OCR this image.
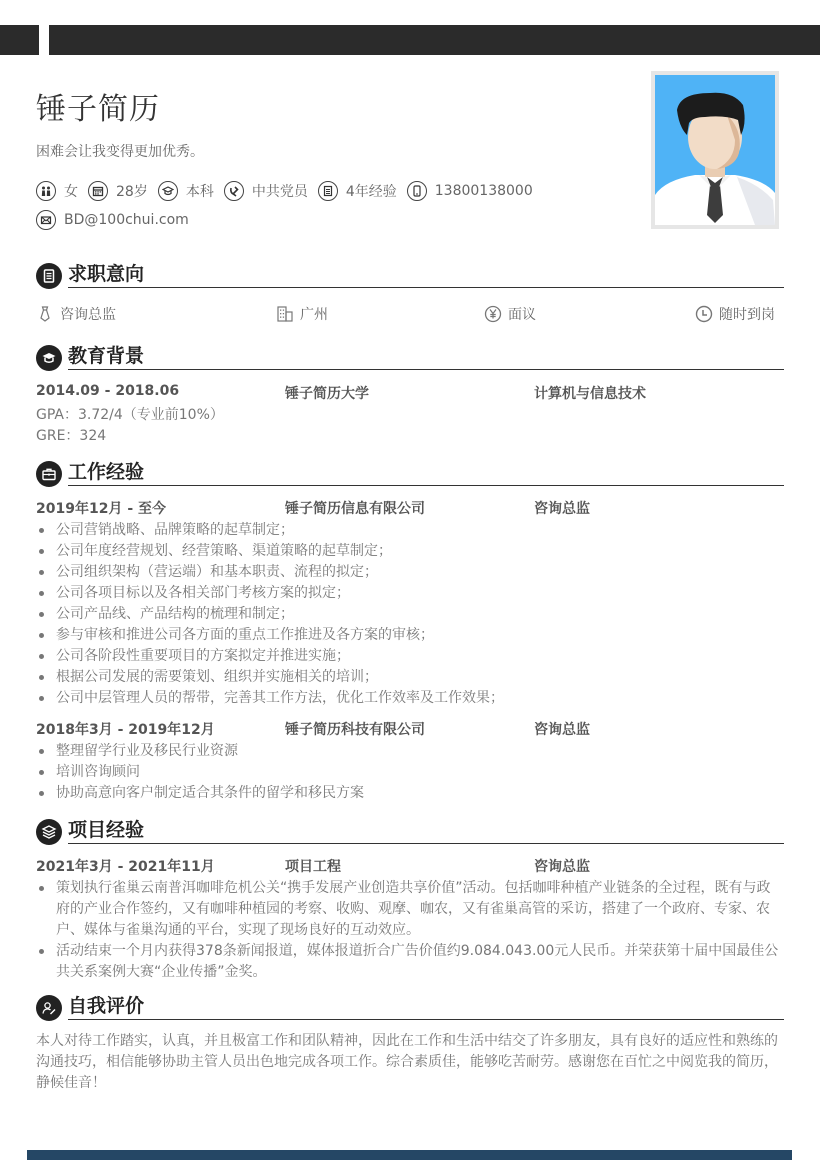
锤子简历
困难会让我变得更加优秀。
女	28岁	本科	中共党员	4年经验	13800138000
BD@100chui.com
求职意向
咨询总监	广州	面议	随时到岗
教育背景
2014.09 - 2018.06	锤子简历大学	计算机与信息技术
GPA：3.72/4（专业前10%）
GRE：324
工作经验
2019年12月 - 至今	锤子简历信息有限公司	咨询总监
公司营销战略、品牌策略的起草制定；
公司年度经营规划、经营策略、渠道策略的起草制定；
公司组织架构（营运端）和基本职责、流程的拟定；
公司各项目标以及各相关部门考核方案的拟定；
公司产品线、产品结构的梳理和制定；
参与审核和推进公司各方面的重点工作推进及各方案的审核；
公司各阶段性重要项目的方案拟定并推进实施；
根据公司发展的需要策划、组织并实施相关的培训；
公司中层管理人员的帮带，完善其工作方法，优化工作效率及工作效果；
2018年3月 - 2019年12月	锤子简历科技有限公司	咨询总监
整理留学行业及移民行业资源
培训咨询顾问
协助高意向客户制定适合其条件的留学和移民方案
项目经验
2021年3月 - 2021年11月	项目工程	咨询总监
策划执行雀巢云南普洱咖啡危机公关“携手发展产业创造共享价值”活动。包括咖啡种植产业链条的全过程，既有与政府的产业合作签约，又有咖啡种植园的考察、收购、观摩、咖农，又有雀巢高管的采访，搭建了一个政府、专家、农户、媒体与雀巢沟通的平台，实现了现场良好的互动效应。
活动结束一个月内获得378条新闻报道，媒体报道折合广告价值约9.084.043.00元人民币。并荣获第十届中国最佳公共关系案例大赛“企业传播”金奖。
自我评价
本人对待工作踏实，认真，并且极富工作和团队精神，因此在工作和生活中结交了许多朋友，具有良好的适应性和熟练的沟通技巧，相信能够协助主管人员出色地完成各项工作。综合素质佳，能够吃苦耐劳。感谢您在百忙之中阅览我的简历，静候佳音！
